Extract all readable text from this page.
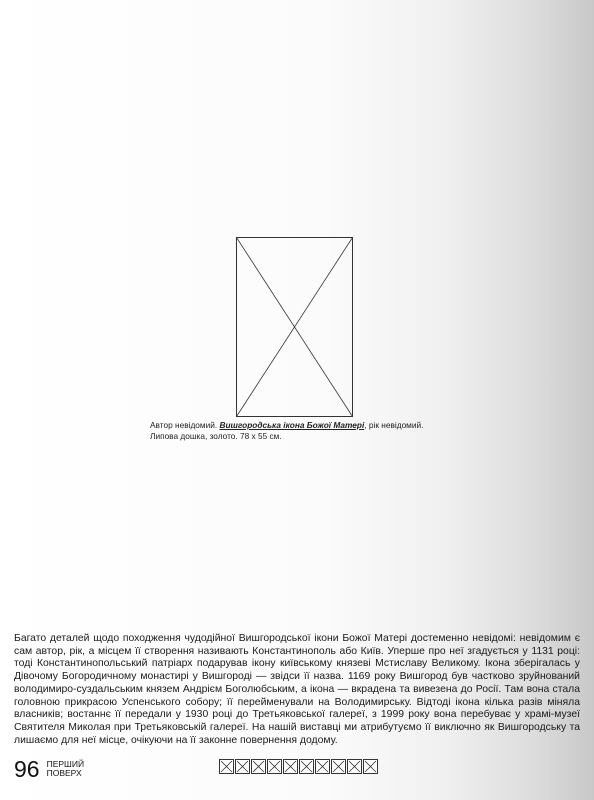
Автор невідомий. Вишгородська ікона Божої Матері, рік невідомий.
Липова дошка, золото. 78 х 55 см.
Багато деталей щодо походження чудодійної Вишгородської ікони Божої Матері достеменно невідомі: невідомим є сам автор, рік, а місцем її створення називають Константинополь або Київ. Уперше про неї згадується у 1131 році: тоді Константинопольський патріарх подарував ікону київському князеві Мстиславу Великому. Ікона зберігалась у Дівочому Богородичному монастирі у Вишгороді — звідси її назва. 1169 року Вишгород був частково зруйнований володимиро-суздальським князем Андрієм Боголюбським, а ікона — вкрадена та вивезена до Росії. Там вона стала головною прикрасою Успенського собору; її перейменували на Володимирську. Відтоді ікона кілька разів міняла власників; востаннє її передали у 1930 році до Третьяковської галереї, з 1999 року вона перебуває у храмі-музеї Святителя Миколая при Третьяковській галереї. На нашій виставці ми атрибутуємо її виключно як Вишгородську та лишаємо для неї місце, очікуючи на її законне повернення додому.
96 ПЕРШИЙ
ПОВЕРХ
